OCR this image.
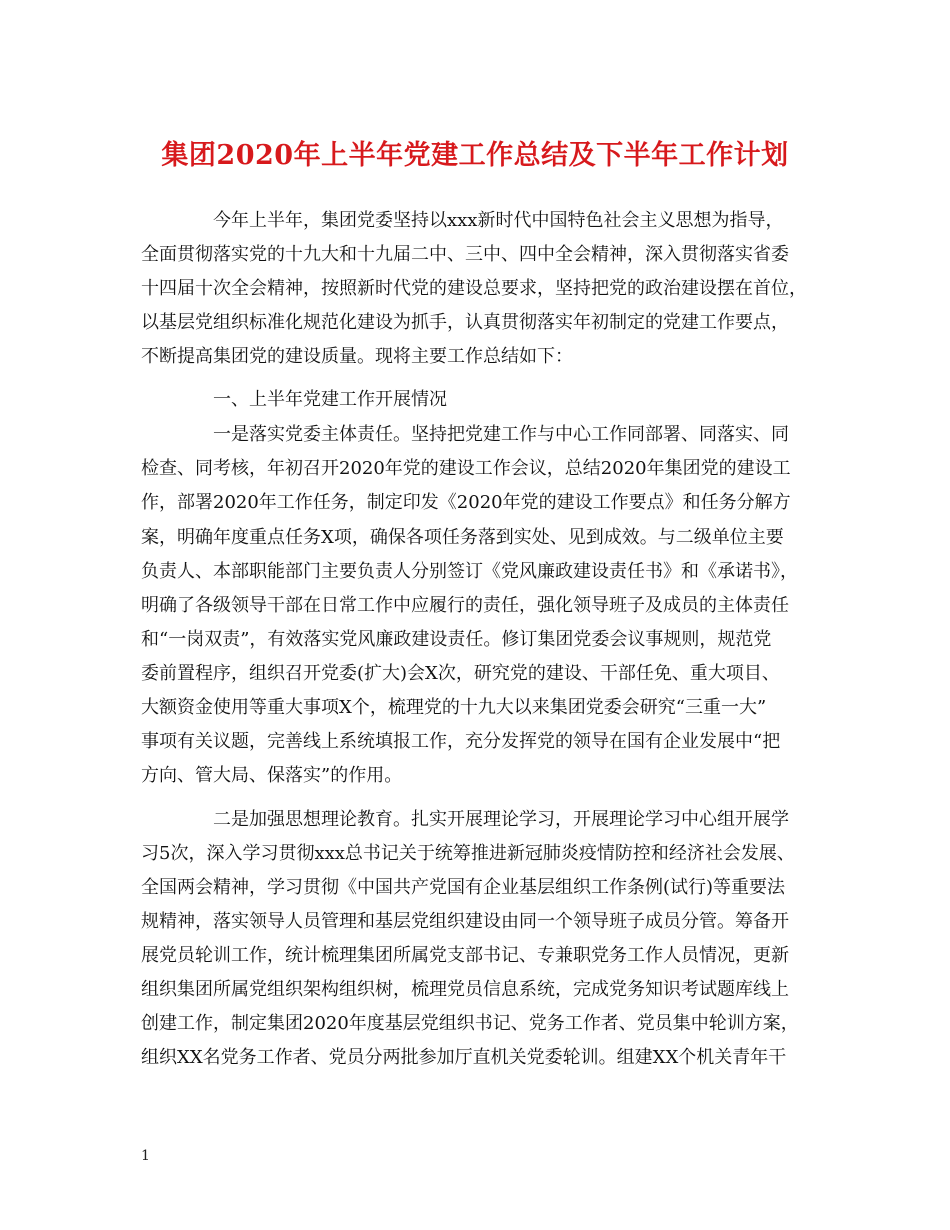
集团2020年上半年党建工作总结及下半年工作计划
今年上半年，集团党委坚持以xxx新时代中国特色社会主义思想为指导，
全面贯彻落实党的十九大和十九届二中、三中、四中全会精神，深入贯彻落实省委
十四届十次全会精神，按照新时代党的建设总要求，坚持把党的政治建设摆在首位，
以基层党组织标准化规范化建设为抓手，认真贯彻落实年初制定的党建工作要点，
不断提高集团党的建设质量。现将主要工作总结如下：
一、上半年党建工作开展情况
一是落实党委主体责任。坚持把党建工作与中心工作同部署、同落实、同
检查、同考核，年初召开2020年党的建设工作会议，总结2020年集团党的建设工
作，部署2020年工作任务，制定印发《2020年党的建设工作要点》和任务分解方
案，明确年度重点任务X项，确保各项任务落到实处、见到成效。与二级单位主要
负责人、本部职能部门主要负责人分别签订《党风廉政建设责任书》和《承诺书》，
明确了各级领导干部在日常工作中应履行的责任，强化领导班子及成员的主体责任
和“一岗双责”，有效落实党风廉政建设责任。修订集团党委会议事规则，规范党
委前置程序，组织召开党委(扩大)会X次，研究党的建设、干部任免、重大项目、
大额资金使用等重大事项X个，梳理党的十九大以来集团党委会研究“三重一大”
事项有关议题，完善线上系统填报工作，充分发挥党的领导在国有企业发展中“把
方向、管大局、保落实”的作用。
二是加强思想理论教育。扎实开展理论学习，开展理论学习中心组开展学
习5次，深入学习贯彻xxx总书记关于统筹推进新冠肺炎疫情防控和经济社会发展、
全国两会精神，学习贯彻《中国共产党国有企业基层组织工作条例(试行)等重要法
规精神，落实领导人员管理和基层党组织建设由同一个领导班子成员分管。筹备开
展党员轮训工作，统计梳理集团所属党支部书记、专兼职党务工作人员情况，更新
组织集团所属党组织架构组织树，梳理党员信息系统，完成党务知识考试题库线上
创建工作，制定集团2020年度基层党组织书记、党务工作者、党员集中轮训方案，
组织XX名党务工作者、党员分两批参加厅直机关党委轮训。组建XX个机关青年干
1
